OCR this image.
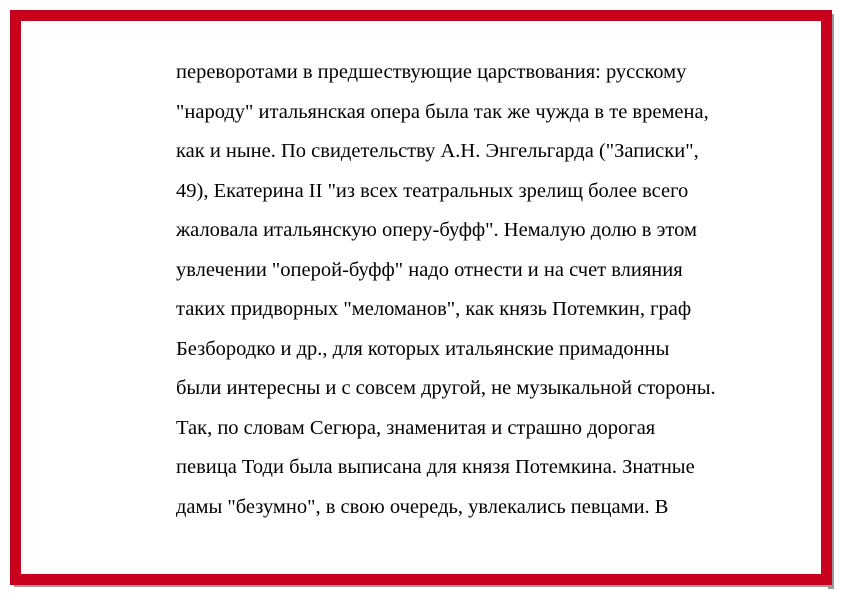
переворотами в предшествующие царствования: русскому
"народу" итальянская опера была так же чужда в те времена,
как и ныне. По свидетельству А.Н. Энгельгарда ("Записки",
49), Екатерина II "из всех театральных зрелищ более всего
жаловала итальянскую оперу-буфф". Немалую долю в этом
увлечении "оперой-буфф" надо отнести и на счет влияния
таких придворных "меломанов", как князь Потемкин, граф
Безбородко и др., для которых итальянские примадонны
были интересны и с совсем другой, не музыкальной стороны.
Так, по словам Сегюра, знаменитая и страшно дорогая
певица Тоди была выписана для князя Потемкина. Знатные
дамы "безумно", в свою очередь, увлекались певцами. В
